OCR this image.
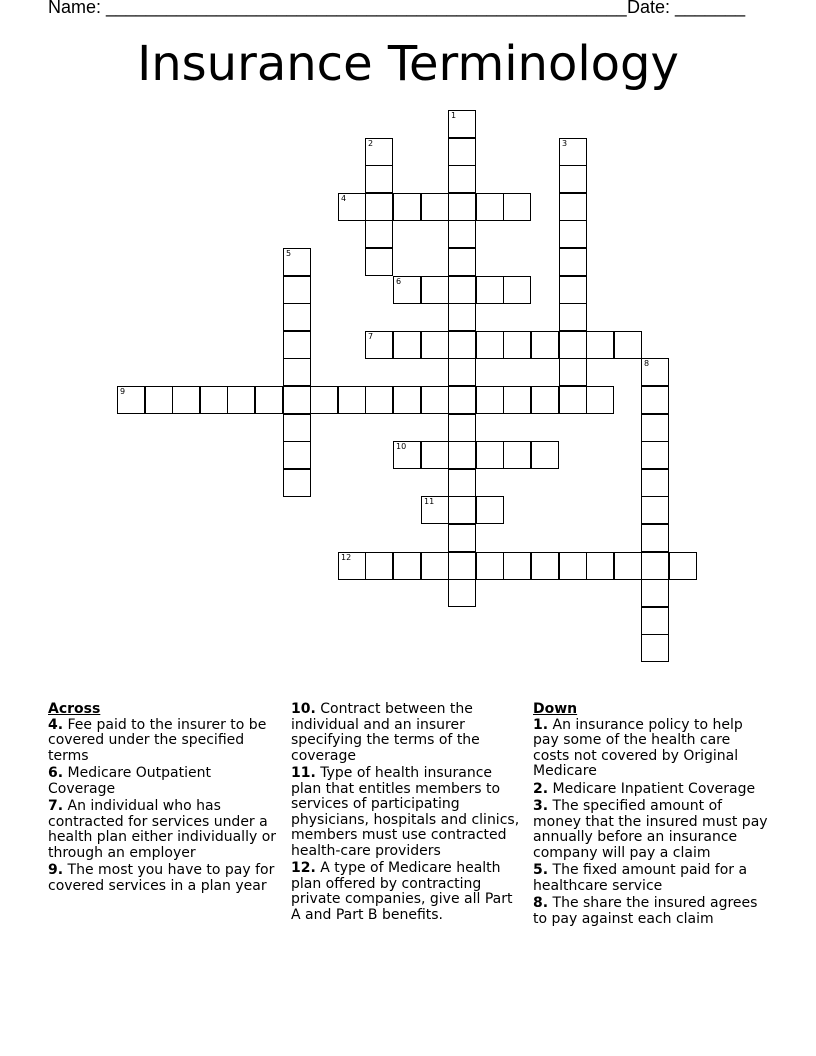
Name: ____________________________________________________ Date: _______
Insurance Terminology
1
2	3
4
5
6
7
8
9
10
11
12
Across
4. Fee paid to the insurer to be covered under the specified terms
6. Medicare Outpatient Coverage
7. An individual who has contracted for services under a health plan either individually or through an employer
9. The most you have to pay for covered services in a plan year
10. Contract between the individual and an insurer specifying the terms of the coverage
11. Type of health insurance plan that entitles members to services of participating physicians, hospitals and clinics, members must use contracted health-care providers
12. A type of Medicare health plan offered by contracting private companies, give all Part A and Part B benefits.
Down
1. An insurance policy to help pay some of the health care costs not covered by Original Medicare
2. Medicare Inpatient Coverage
3. The specified amount of money that the insured must pay annually before an insurance company will pay a claim
5. The fixed amount paid for a healthcare service
8. The share the insured agrees to pay against each claim
